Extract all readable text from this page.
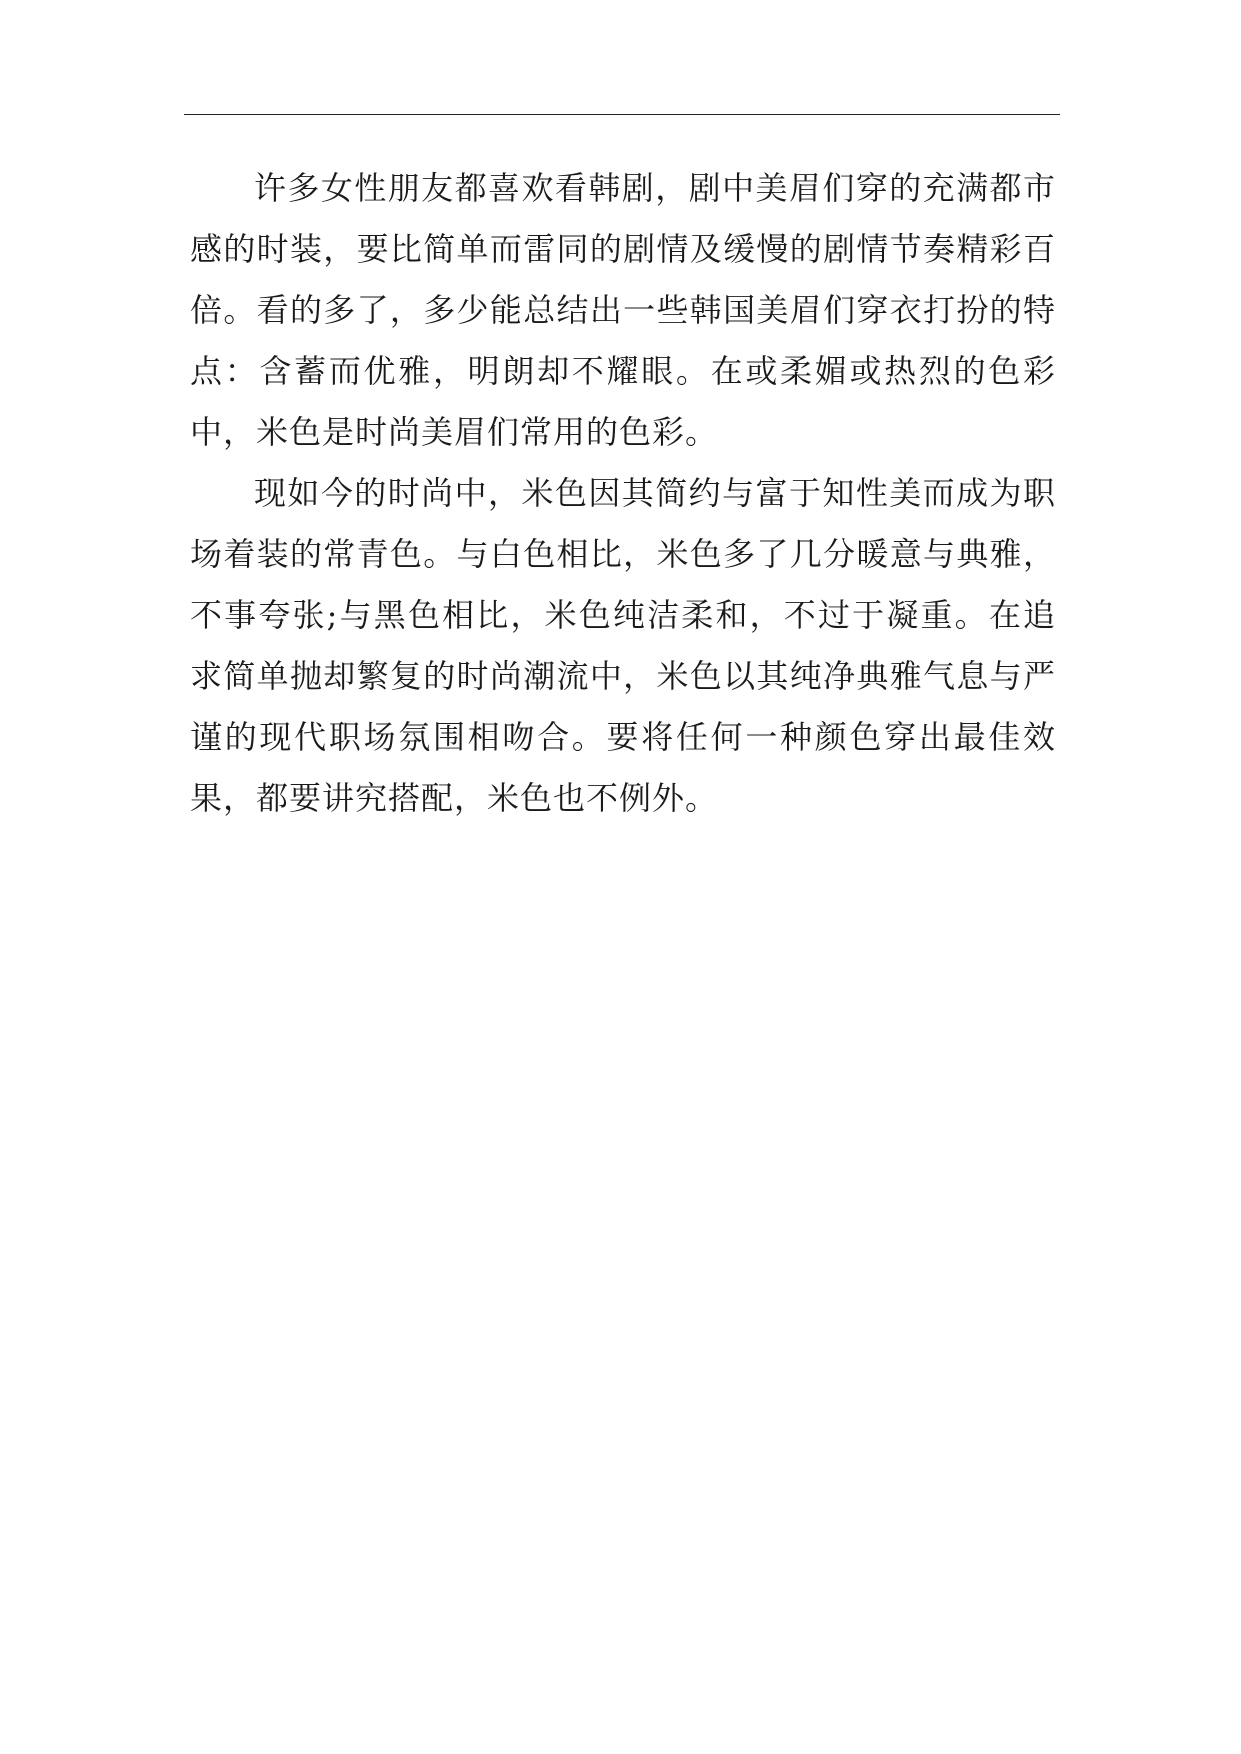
许多女性朋友都喜欢看韩剧，剧中美眉们穿的充满都市感的时装，要比简单而雷同的剧情及缓慢的剧情节奏精彩百倍。看的多了，多少能总结出一些韩国美眉们穿衣打扮的特点：含蓄而优雅，明朗却不耀眼。在或柔媚或热烈的色彩中，米色是时尚美眉们常用的色彩。

现如今的时尚中，米色因其简约与富于知性美而成为职场着装的常青色。与白色相比，米色多了几分暖意与典雅，不事夸张;与黑色相比，米色纯洁柔和，不过于凝重。在追求简单抛却繁复的时尚潮流中，米色以其纯净典雅气息与严谨的现代职场氛围相吻合。要将任何一种颜色穿出最佳效果，都要讲究搭配，米色也不例外。
